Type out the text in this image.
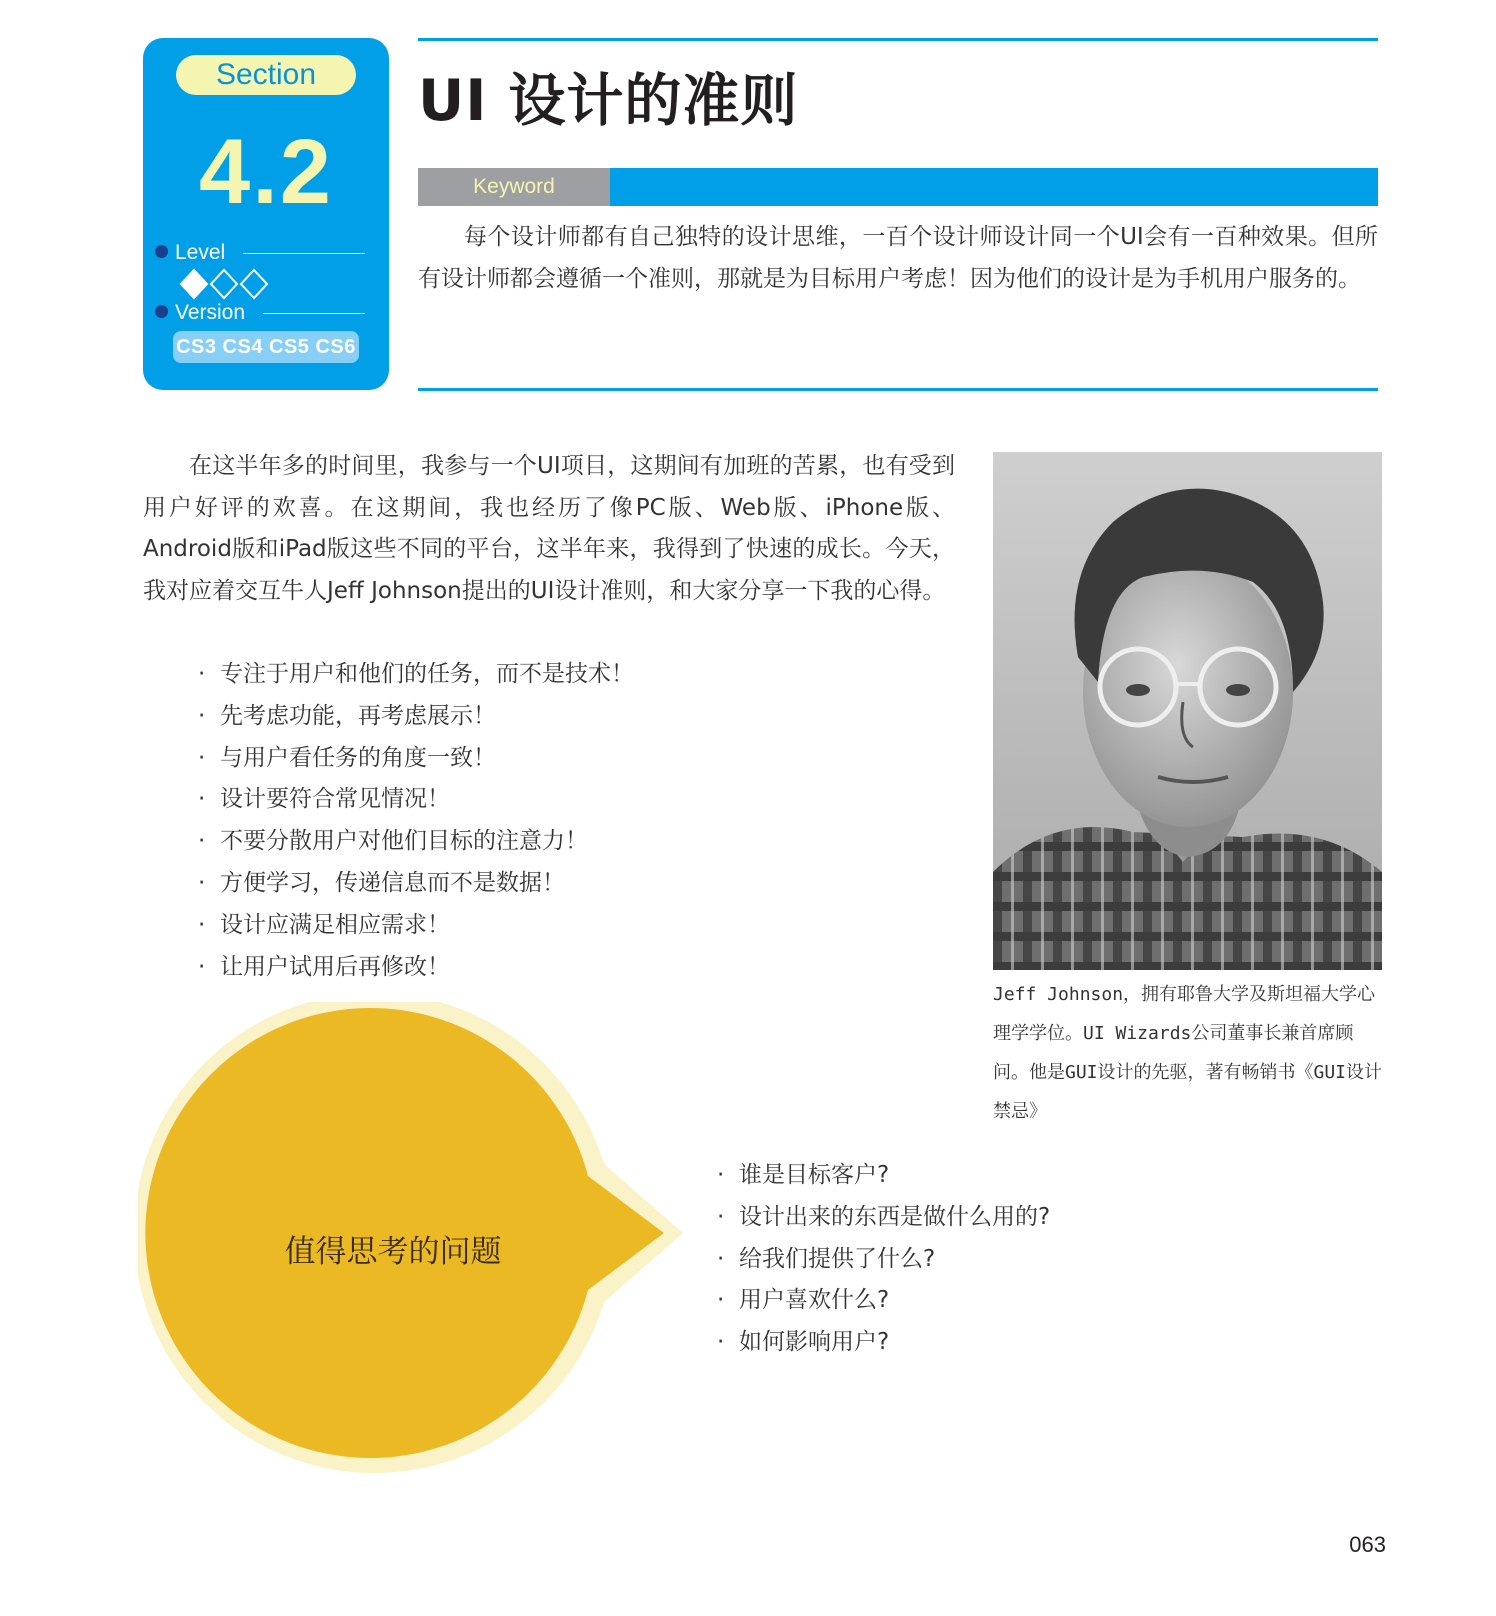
Section
4.2
Level
Version
CS3 CS4 CS5 CS6
UI 设计的准则
Keyword
每个设计师都有自己独特的设计思维，一百个设计师设计同一个UI会有一百种效果。但所有设计师都会遵循一个准则，那就是为目标用户考虑！因为他们的设计是为手机用户服务的。
在这半年多的时间里，我参与一个UI项目，这期间有加班的苦累，也有受到用户好评的欢喜。在这期间，我也经历了像PC版、Web版、iPhone版、Android版和iPad版这些不同的平台，这半年来，我得到了快速的成长。今天，我对应着交互牛人Jeff Johnson提出的UI设计准则，和大家分享一下我的心得。
· 专注于用户和他们的任务，而不是技术！
· 先考虑功能，再考虑展示！
· 与用户看任务的角度一致！
· 设计要符合常见情况！
· 不要分散用户对他们目标的注意力！
· 方便学习，传递信息而不是数据！
· 设计应满足相应需求！
· 让用户试用后再修改！
Jeff Johnson，拥有耶鲁大学及斯坦福大学心理学学位。UI Wizards公司董事长兼首席顾问。他是GUI设计的先驱，著有畅销书《GUI设计禁忌》
值得思考的问题
· 谁是目标客户?
· 设计出来的东西是做什么用的?
· 给我们提供了什么?
· 用户喜欢什么?
· 如何影响用户?
063
